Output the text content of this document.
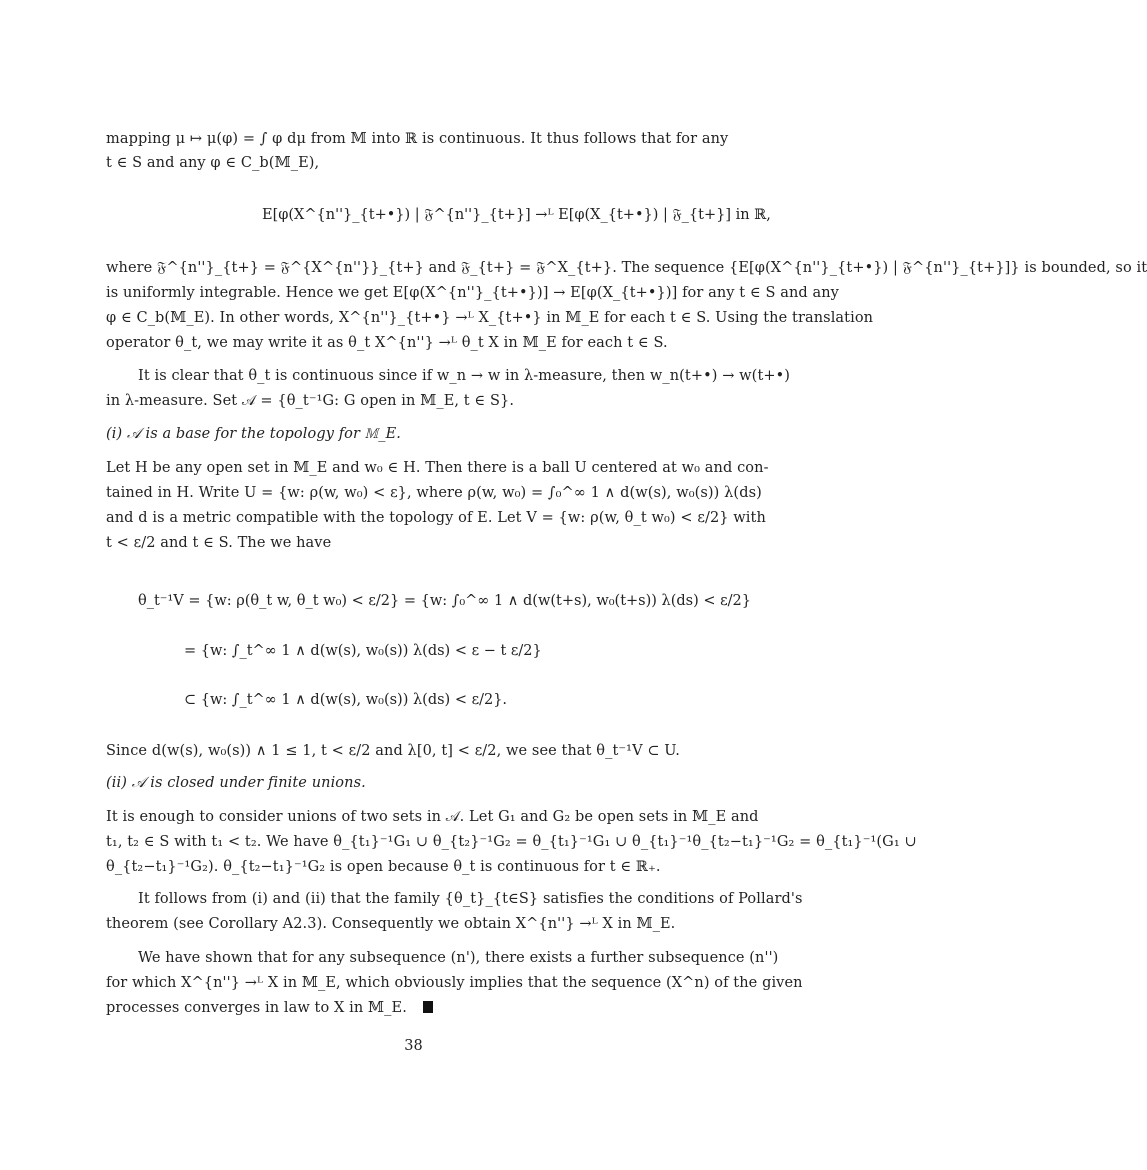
mapping μ ↦ μ(φ) = ∫ φ dμ from 𝕄 into ℝ is continuous. It thus follows that for any
t ∈ S and any φ ∈ C_b(𝕄_E),
E[φ(X^{n''}_{t+•}) | 𝔉^{n''}_{t+}] →ᴸ E[φ(X_{t+•}) | 𝔉_{t+}] in ℝ,
where 𝔉^{n''}_{t+} = 𝔉^{X^{n''}}_{t+} and 𝔉_{t+} = 𝔉^X_{t+}. The sequence {E[φ(X^{n''}_{t+•}) | 𝔉^{n''}_{t+}]} is bounded, so it
is uniformly integrable. Hence we get E[φ(X^{n''}_{t+•})] → E[φ(X_{t+•})] for any t ∈ S and any
φ ∈ C_b(𝕄_E). In other words, X^{n''}_{t+•} →ᴸ X_{t+•} in 𝕄_E for each t ∈ S. Using the translation
operator θ_t, we may write it as θ_t X^{n''} →ᴸ θ_t X in 𝕄_E for each t ∈ S.
It is clear that θ_t is continuous since if w_n → w in λ-measure, then w_n(t+•) → w(t+•)
in λ-measure. Set 𝒜 = {θ_t⁻¹G: G open in 𝕄_E, t ∈ S}.
(i) 𝒜 is a base for the topology for 𝕄_E.
Let H be any open set in 𝕄_E and w₀ ∈ H. Then there is a ball U centered at w₀ and con-
tained in H. Write U = {w: ρ(w, w₀) < ε}, where ρ(w, w₀) = ∫₀^∞ 1 ∧ d(w(s), w₀(s)) λ(ds)
and d is a metric compatible with the topology of E. Let V = {w: ρ(w, θ_t w₀) < ε/2} with
t < ε/2 and t ∈ S. The we have
θ_t⁻¹V = {w: ρ(θ_t w, θ_t w₀) < ε/2} = {w: ∫₀^∞ 1 ∧ d(w(t+s), w₀(t+s)) λ(ds) < ε/2}
= {w: ∫_t^∞ 1 ∧ d(w(s), w₀(s)) λ(ds) < ε − t ε/2}
⊂ {w: ∫_t^∞ 1 ∧ d(w(s), w₀(s)) λ(ds) < ε/2}.
Since d(w(s), w₀(s)) ∧ 1 ≤ 1, t < ε/2 and λ[0, t] < ε/2, we see that θ_t⁻¹V ⊂ U.
(ii) 𝒜 is closed under finite unions.
It is enough to consider unions of two sets in 𝒜. Let G₁ and G₂ be open sets in 𝕄_E and
t₁, t₂ ∈ S with t₁ < t₂. We have θ_{t₁}⁻¹G₁ ∪ θ_{t₂}⁻¹G₂ = θ_{t₁}⁻¹G₁ ∪ θ_{t₁}⁻¹θ_{t₂−t₁}⁻¹G₂ = θ_{t₁}⁻¹(G₁ ∪
θ_{t₂−t₁}⁻¹G₂). θ_{t₂−t₁}⁻¹G₂ is open because θ_t is continuous for t ∈ ℝ₊.
It follows from (i) and (ii) that the family {θ_t}_{t∈S} satisfies the conditions of Pollard's
theorem (see Corollary A2.3). Consequently we obtain X^{n''} →ᴸ X in 𝕄_E.
We have shown that for any subsequence (n'), there exists a further subsequence (n'')
for which X^{n''} →ᴸ X in 𝕄_E, which obviously implies that the sequence (X^n) of the given
processes converges in law to X in 𝕄_E.
38
